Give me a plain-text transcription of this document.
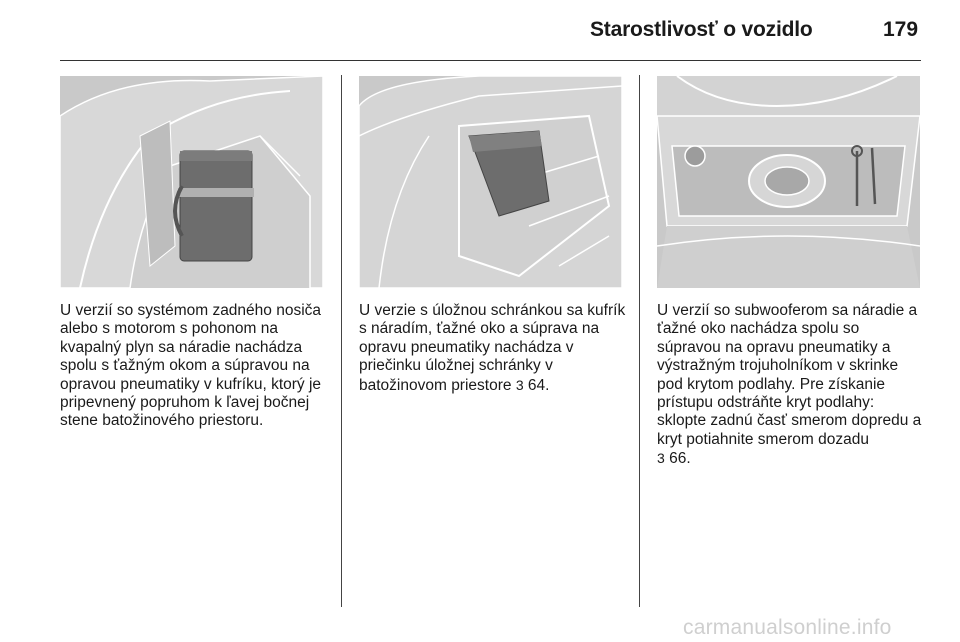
Starostlivosť o vozidlo	179

U verzií so systémom zadného nosiča alebo s motorom s pohonom na kvapalný plyn sa náradie nachádza spolu s ťažným okom a súpravou na opravou pneumatiky v kufríku, ktorý je pripevnený popruhom k ľavej bočnej stene batožinového priestoru.

U verzie s úložnou schránkou sa kufrík s náradím, ťažné oko a súprava na opravu pneumatiky nachádza v priečinku úložnej schránky v batožinovom priestore 3 64.

U verzií so subwooferom sa náradie a ťažné oko nachádza spolu so súpravou na opravu pneumatiky a výstražným trojuholníkom v skrinke pod krytom podlahy. Pre získanie prístupu odstráňte kryt podlahy: sklopte zadnú časť smerom dopredu a kryt potiahnite smerom dozadu
3 66.

carmanualsonline.info
